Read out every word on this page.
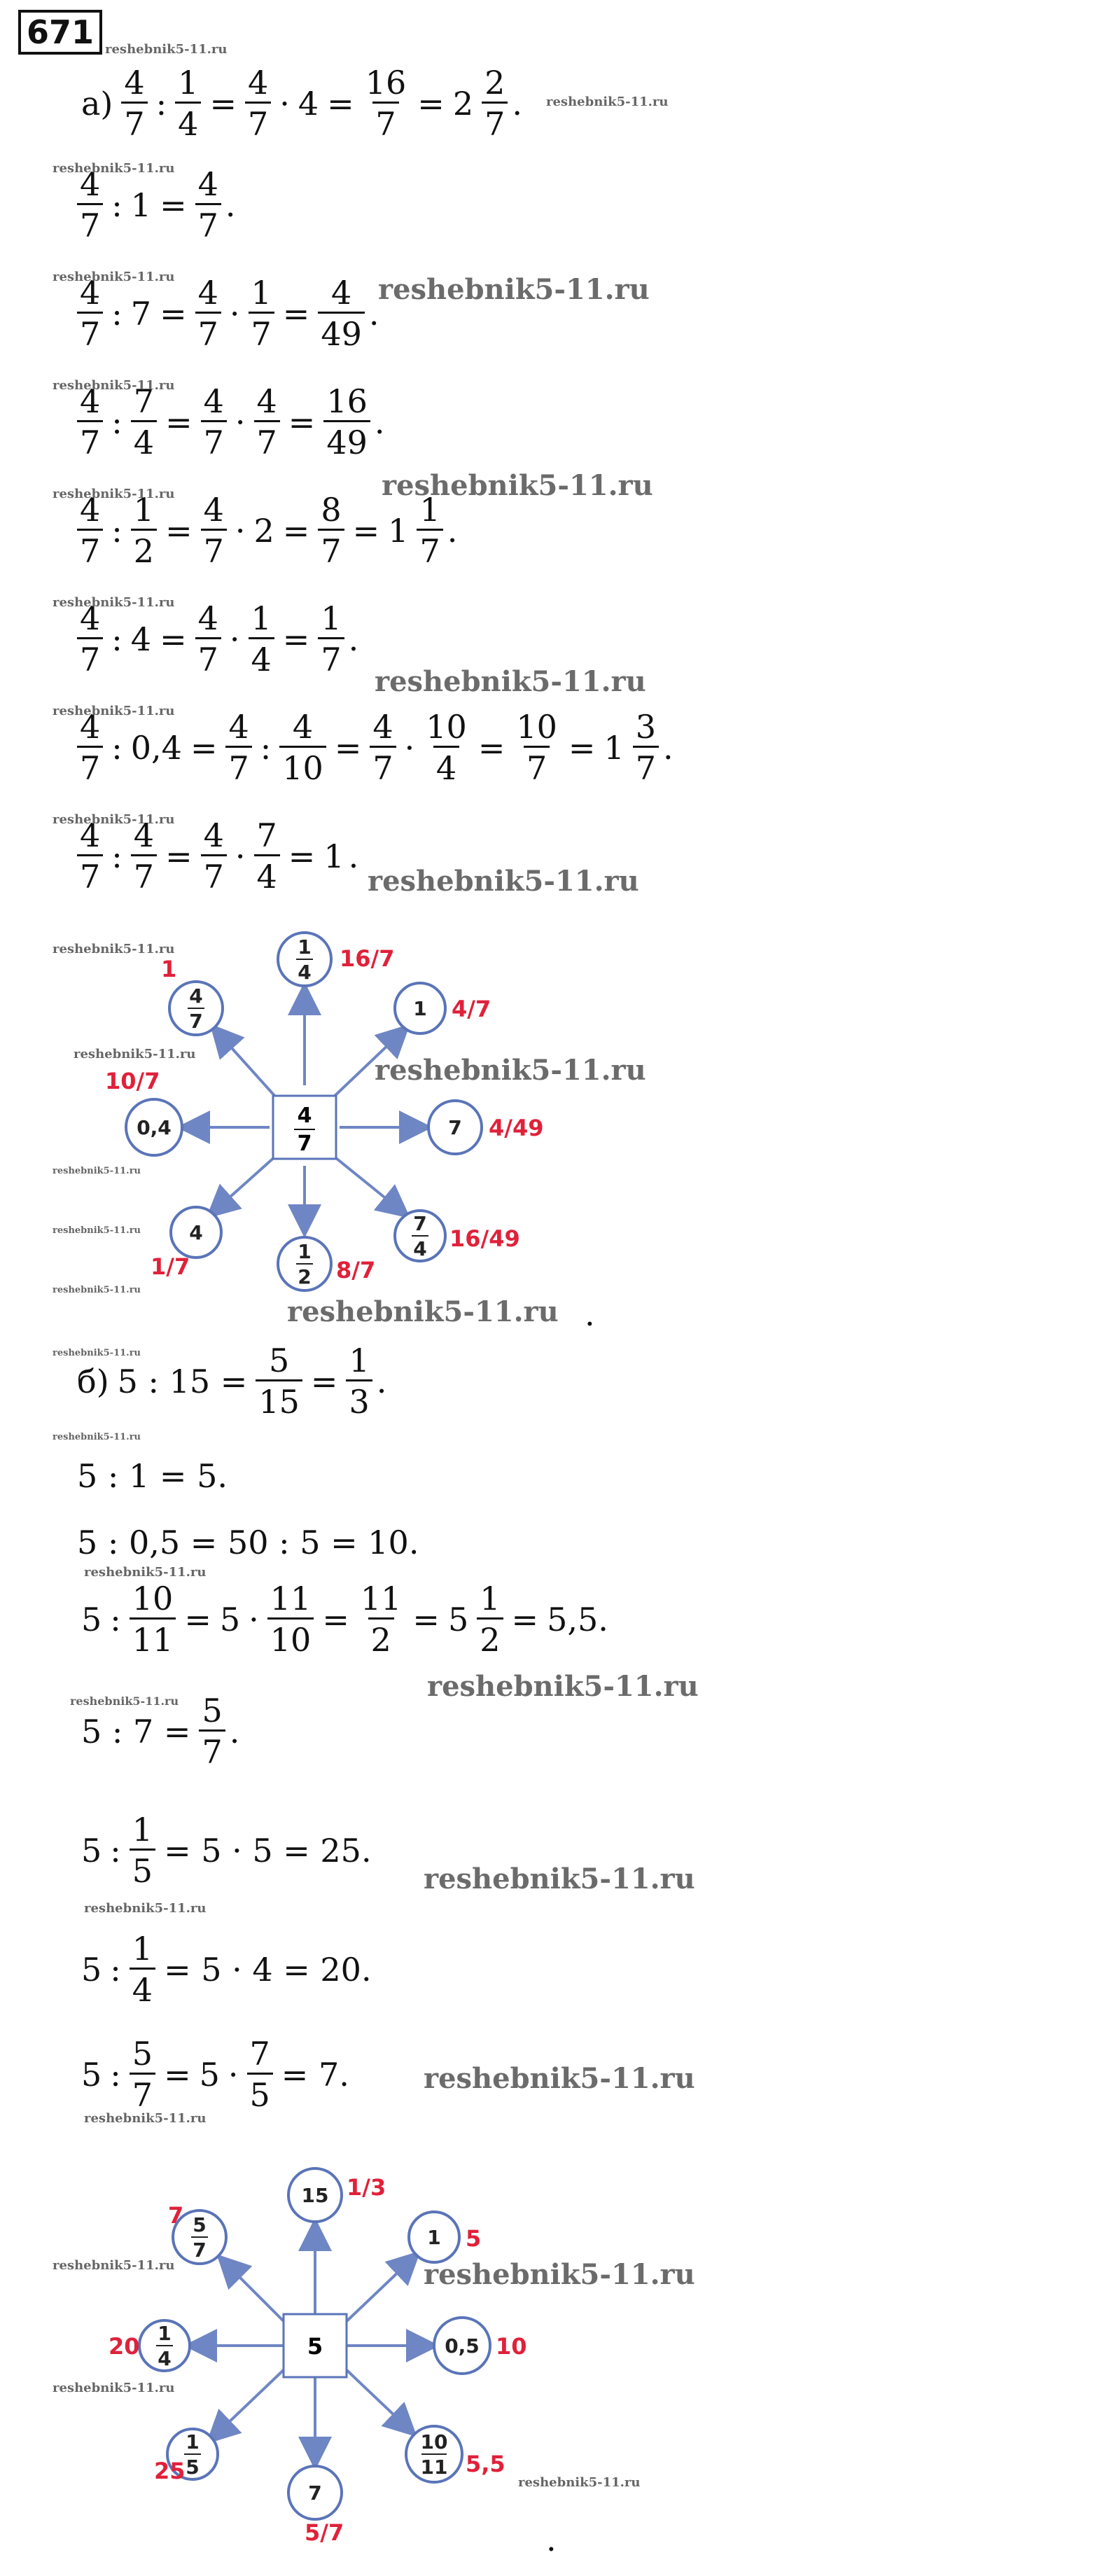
671
$а) \frac{4}{7}$ : $\frac{1}{4} = \frac{4}{7} \cdot 4 = \frac{16}{7} = 2 \frac{2}{7}$ .
4
7
: $1 = \frac{4}{7}$ .
4
7
: $7 = \frac{4}{7} \cdot \frac{1}{7} = \frac{4}{49}$ .
4
7
: $\frac{7}{4} = \frac{4}{7} \cdot \frac{4}{7} = \frac{16}{49}$ .
4
7
: $\frac{1}{2} = \frac{4}{7} \cdot 2 = \frac{8}{7} = 1$
1
7
.
4
7
: $4 = \frac{4}{7} \cdot \frac{1}{4} = \frac{1}{7}$ .
4
7
: $0,4 = \frac{4}{7}$ : $\frac{4}{10} = \frac{4}{7} \cdot \frac{10}{4} = \frac{10}{7} = 1$
3
7
.
4
7
: $\frac{4}{7} = \frac{4}{7} \cdot \frac{7}{4} = 1$ .
4
7
1
4
1
7
7
4
1
2
4
0,4
4
7
16/7
4/7
4/49
16/49
8/7
1/7
10/7
1
.
б) 5 : $15 = \frac{5}{15} = \frac{1}{3}$ .
5 : 1 = 5.
5 : 0,5 = 50 : 5 = 10.
5 : $\frac{10}{11} = 5 \cdot \frac{11}{10} = \frac{11}{2} = 5$
1
2
= 5,5.
5 : $7 = \frac{5}{7}$ .
5 : $\frac{1}{5} = 5 \cdot 5 = 25$.
5 : $\frac{1}{4} = 5 \cdot 4 = 20$.
5 : $\frac{5}{7} = 5 \cdot \frac{7}{5} = 7$.
5
15
1
0,5
10
11
7
1
5
1
4
5
7
1/3
5
10
5,5
5/7
25
20
7
.
reshebnik5-11.ru
reshebnik5-11.ru
reshebnik5-11.ru
reshebnik5-11.ru	reshebnik5-11.ru
reshebnik5-11.ru
reshebnik5-11.ru
reshebnik5-11.ru
reshebnik5-11.ru
reshebnik5-11.ru
reshebnik5-11.ru
reshebnik5-11.ru
reshebnik5-11.ru
reshebnik5-11.ru
reshebnik5-11.ru	reshebnik5-11.ru
reshebnik5-11.ru
reshebnik5-11.ru
reshebnik5-11.ru
reshebnik5-11.ru
reshebnik5-11.ru
reshebnik5-11.ru
reshebnik5-11.ru
reshebnik5-11.ru
reshebnik5-11.ru
reshebnik5-11.ru
reshebnik5-11.ru
reshebnik5-11.ru
reshebnik5-11.ru
reshebnik5-11.ru	reshebnik5-11.ru
reshebnik5-11.ru
reshebnik5-11.ru
